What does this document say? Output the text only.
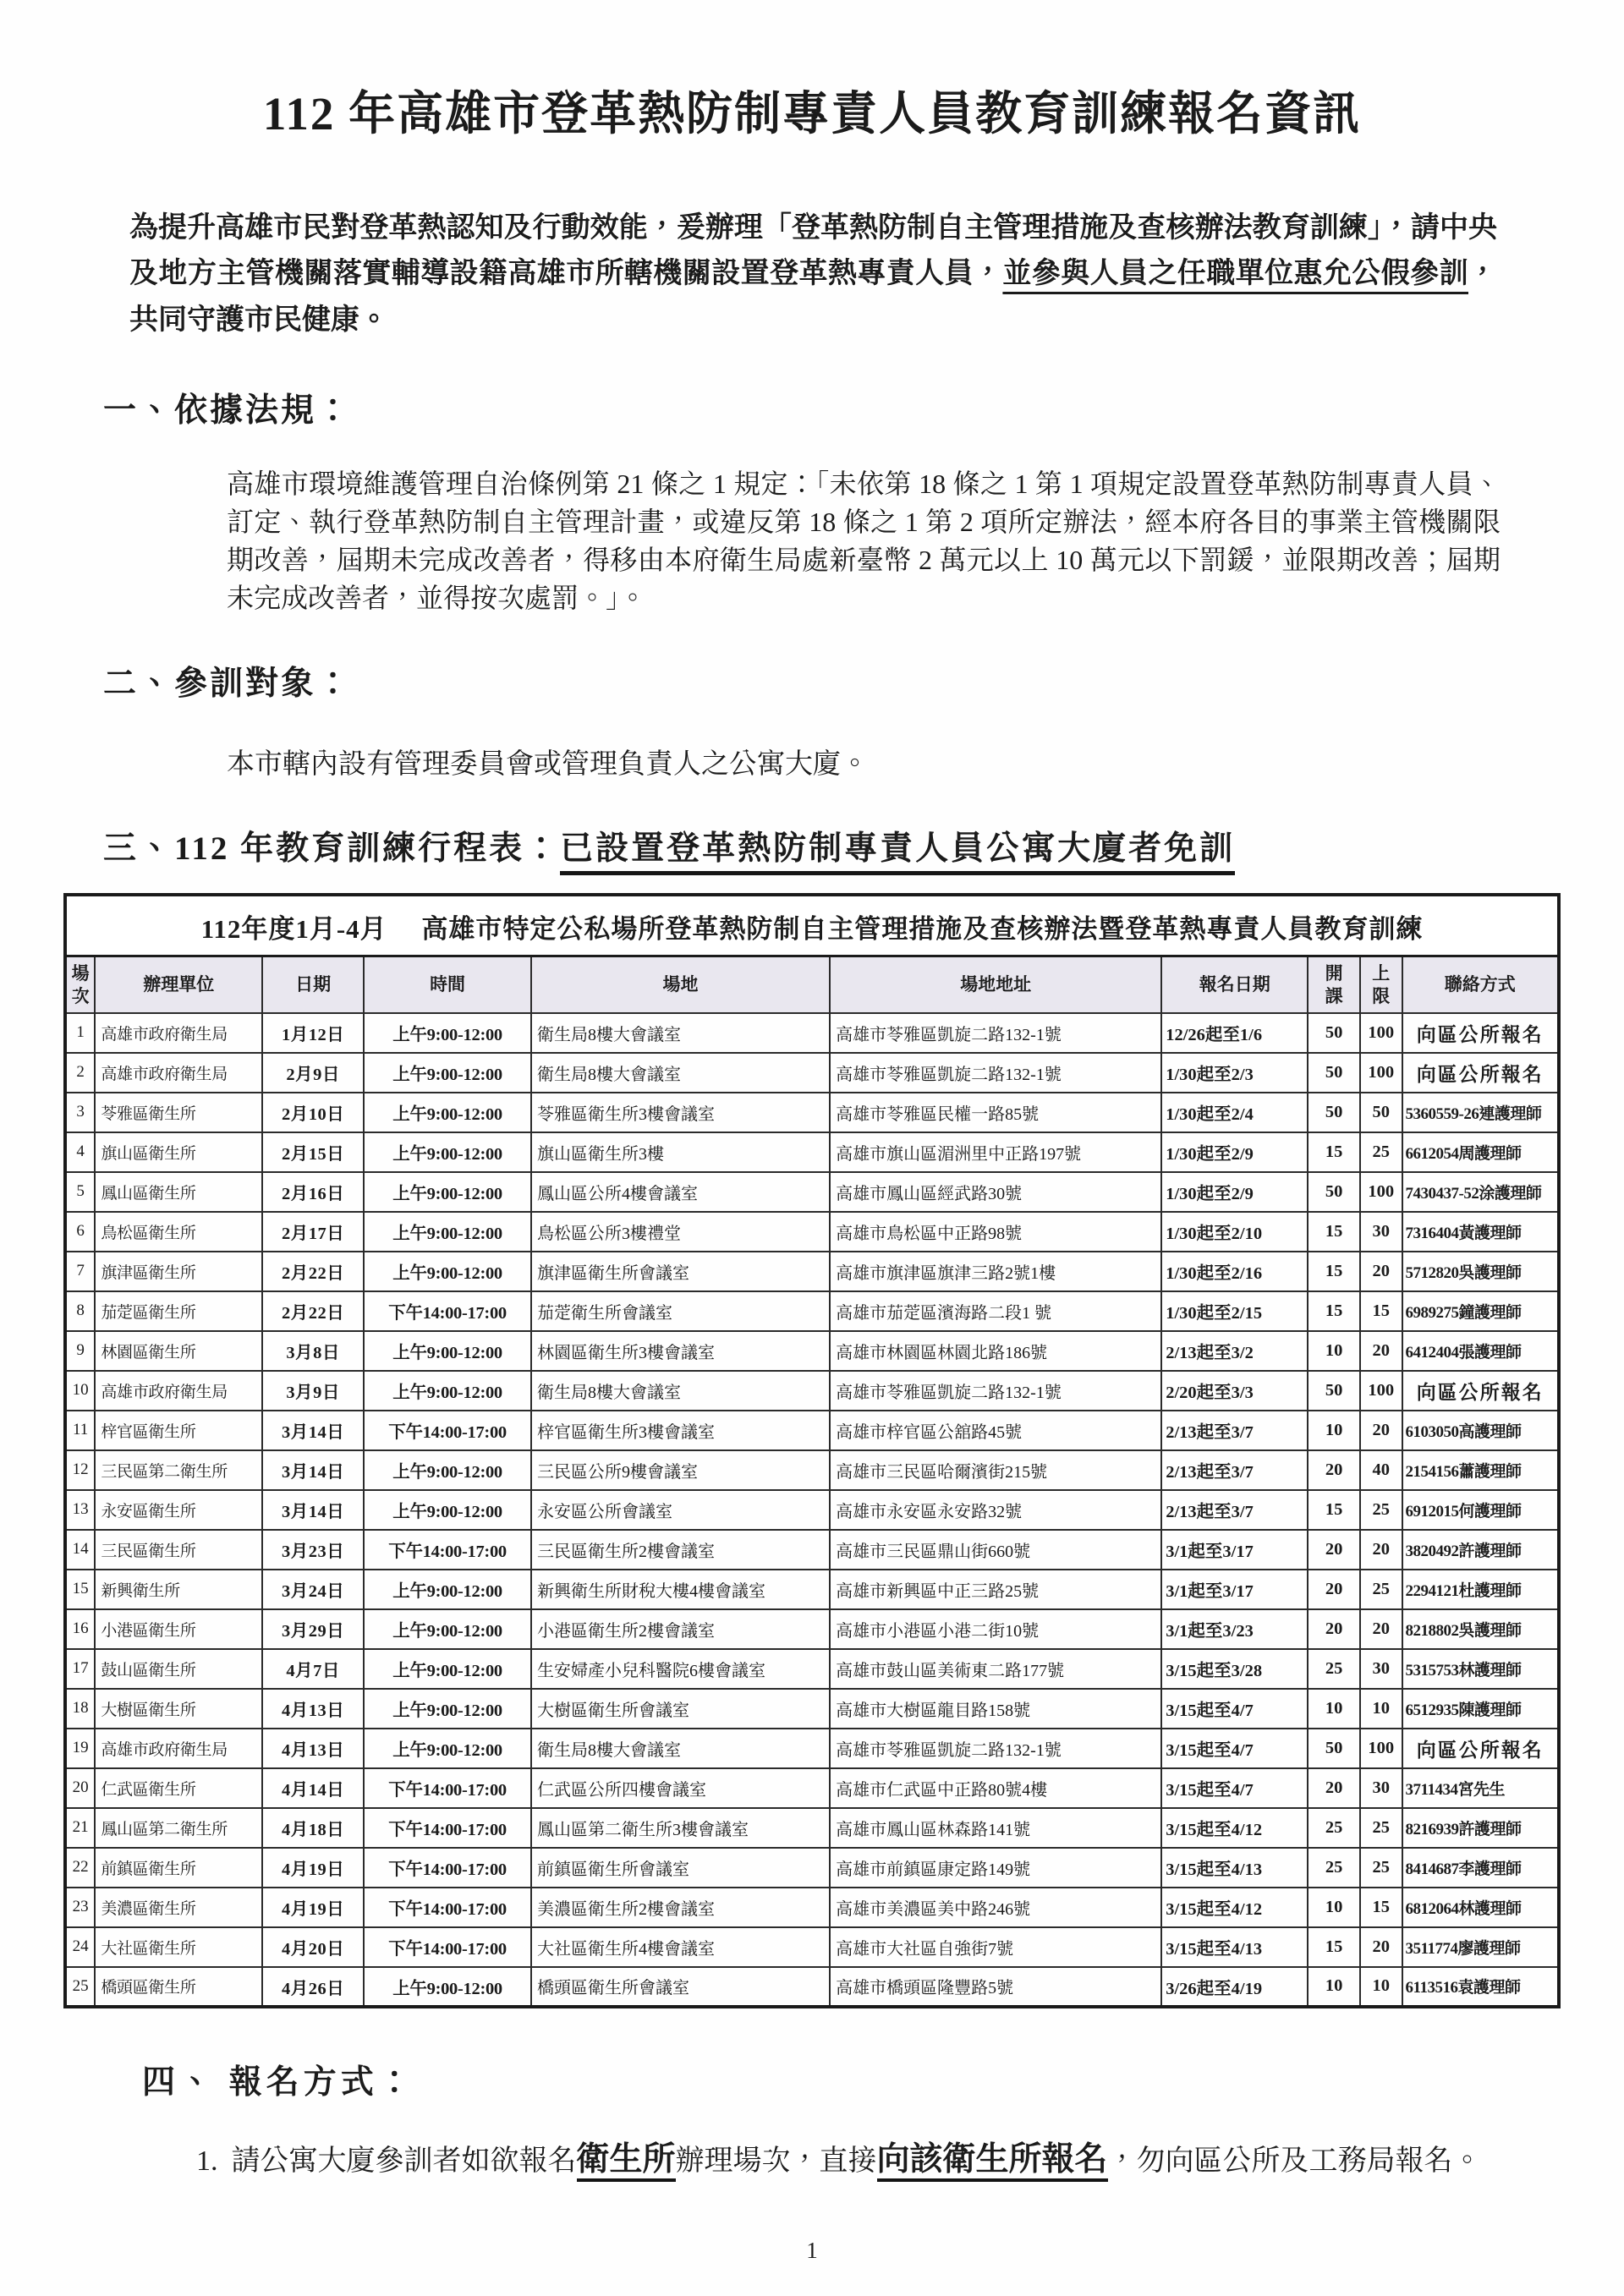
112 年高雄市登革熱防制專責人員教育訓練報名資訊

為提升高雄市民對登革熱認知及行動效能，爰辦理「登革熱防制自主管理措施及查核辦法教育訓練」，請中央及地方主管機關落實輔導設籍高雄市所轄機關設置登革熱專責人員，並參與人員之任職單位惠允公假參訓，共同守護市民健康。

一、依據法規：

高雄市環境維護管理自治條例第 21 條之 1 規定：「未依第 18 條之 1 第 1 項規定設置登革熱防制專責人員、訂定、執行登革熱防制自主管理計畫，或違反第 18 條之 1 第 2 項所定辦法，經本府各目的事業主管機關限期改善，屆期未完成改善者，得移由本府衛生局處新臺幣 2 萬元以上 10 萬元以下罰鍰，並限期改善；屆期未完成改善者，並得按次處罰。」。

二、參訓對象：

本市轄內設有管理委員會或管理負責人之公寓大廈。

三、112 年教育訓練行程表：已設置登革熱防制專責人員公寓大廈者免訓
112年度1月-4月　 高雄市特定公私場所登革熱防制自主管理措施及查核辦法暨登革熱專責人員教育訓練									
場
次	辦理單位	日期	時間	場地	場地地址	報名日期	開
課	上
限	聯絡方式
1	高雄市政府衛生局	1月12日	上午9:00-12:00	衛生局8樓大會議室	高雄市苓雅區凱旋二路132-1號	12/26起至1/6	50	100	向區公所報名
2	高雄市政府衛生局	2月9日	上午9:00-12:00	衛生局8樓大會議室	高雄市苓雅區凱旋二路132-1號	1/30起至2/3	50	100	向區公所報名
3	苓雅區衛生所	2月10日	上午9:00-12:00	苓雅區衛生所3樓會議室	高雄市苓雅區民權一路85號	1/30起至2/4	50	50	5360559-26連護理師
4	旗山區衛生所	2月15日	上午9:00-12:00	旗山區衛生所3樓	高雄市旗山區湄洲里中正路197號	1/30起至2/9	15	25	6612054周護理師
5	鳳山區衛生所	2月16日	上午9:00-12:00	鳳山區公所4樓會議室	高雄市鳳山區經武路30號	1/30起至2/9	50	100	7430437-52涂護理師
6	鳥松區衛生所	2月17日	上午9:00-12:00	鳥松區公所3樓禮堂	高雄市鳥松區中正路98號	1/30起至2/10	15	30	7316404黃護理師
7	旗津區衛生所	2月22日	上午9:00-12:00	旗津區衛生所會議室	高雄市旗津區旗津三路2號1樓	1/30起至2/16	15	20	5712820吳護理師
8	茄萣區衛生所	2月22日	下午14:00-17:00	茄萣衛生所會議室	高雄市茄萣區濱海路二段1 號	1/30起至2/15	15	15	6989275鐘護理師
9	林園區衛生所	3月8日	上午9:00-12:00	林園區衛生所3樓會議室	高雄市林園區林園北路186號	2/13起至3/2	10	20	6412404張護理師
10	高雄市政府衛生局	3月9日	上午9:00-12:00	衛生局8樓大會議室	高雄市苓雅區凱旋二路132-1號	2/20起至3/3	50	100	向區公所報名
11	梓官區衛生所	3月14日	下午14:00-17:00	梓官區衛生所3樓會議室	高雄市梓官區公舘路45號	2/13起至3/7	10	20	6103050高護理師
12	三民區第二衛生所	3月14日	上午9:00-12:00	三民區公所9樓會議室	高雄市三民區哈爾濱街215號	2/13起至3/7	20	40	2154156蕭護理師
13	永安區衛生所	3月14日	上午9:00-12:00	永安區公所會議室	高雄市永安區永安路32號	2/13起至3/7	15	25	6912015何護理師
14	三民區衛生所	3月23日	下午14:00-17:00	三民區衛生所2樓會議室	高雄市三民區鼎山街660號	3/1起至3/17	20	20	3820492許護理師
15	新興衛生所	3月24日	上午9:00-12:00	新興衛生所財稅大樓4樓會議室	高雄市新興區中正三路25號	3/1起至3/17	20	25	2294121杜護理師
16	小港區衛生所	3月29日	上午9:00-12:00	小港區衛生所2樓會議室	高雄市小港區小港二街10號	3/1起至3/23	20	20	8218802吳護理師
17	鼓山區衛生所	4月7日	上午9:00-12:00	生安婦產小兒科醫院6樓會議室	高雄市鼓山區美術東二路177號	3/15起至3/28	25	30	5315753林護理師
18	大樹區衛生所	4月13日	上午9:00-12:00	大樹區衛生所會議室	高雄市大樹區龍目路158號	3/15起至4/7	10	10	6512935陳護理師
19	高雄市政府衛生局	4月13日	上午9:00-12:00	衛生局8樓大會議室	高雄市苓雅區凱旋二路132-1號	3/15起至4/7	50	100	向區公所報名
20	仁武區衛生所	4月14日	下午14:00-17:00	仁武區公所四樓會議室	高雄市仁武區中正路80號4樓	3/15起至4/7	20	30	3711434宮先生
21	鳳山區第二衛生所	4月18日	下午14:00-17:00	鳳山區第二衛生所3樓會議室	高雄市鳳山區林森路141號	3/15起至4/12	25	25	8216939許護理師
22	前鎮區衛生所	4月19日	下午14:00-17:00	前鎮區衛生所會議室	高雄市前鎮區康定路149號	3/15起至4/13	25	25	8414687李護理師
23	美濃區衛生所	4月19日	下午14:00-17:00	美濃區衛生所2樓會議室	高雄市美濃區美中路246號	3/15起至4/12	10	15	6812064林護理師
24	大社區衛生所	4月20日	下午14:00-17:00	大社區衛生所4樓會議室	高雄市大社區自強街7號	3/15起至4/13	15	20	3511774廖護理師
25	橋頭區衛生所	4月26日	上午9:00-12:00	橋頭區衛生所會議室	高雄市橋頭區隆豐路5號	3/26起至4/19	10	10	6113516袁護理師
四、 報名方式：
1. 請公寓大廈參訓者如欲報名衛生所辦理場次，直接向該衛生所報名，勿向區公所及工務局報名。
1
